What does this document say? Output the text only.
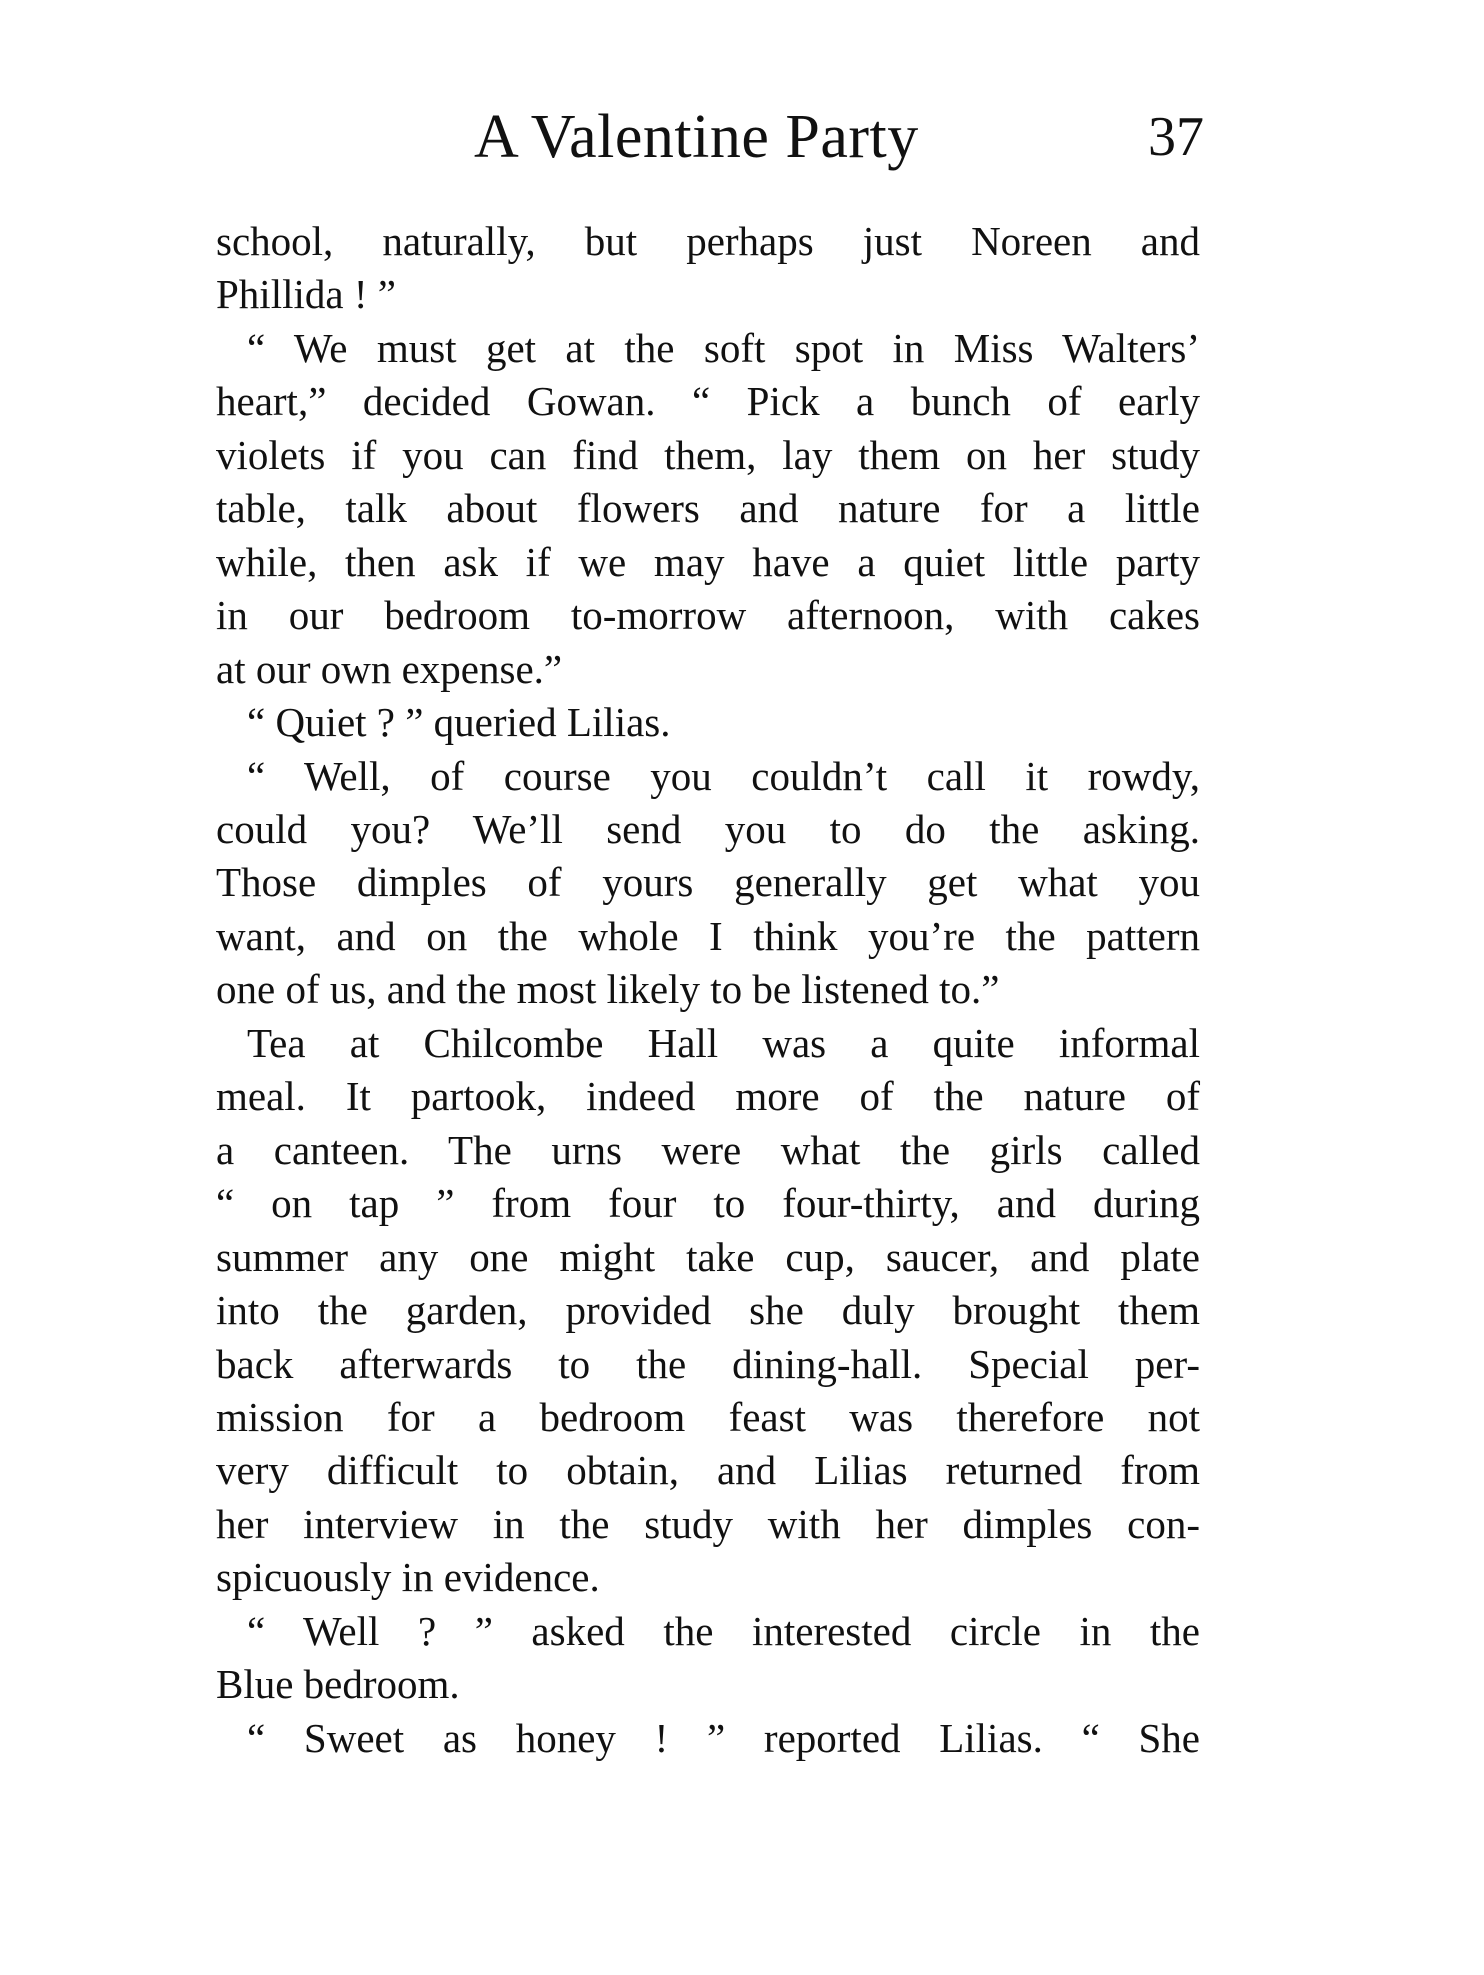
A Valentine Party	37
school, naturally, but perhaps just Noreen and
Phillida ! ”
“ We must get at the soft spot in Miss Walters’
heart,” decided Gowan. “ Pick a bunch of early
violets if you can find them, lay them on her study
table, talk about flowers and nature for a little
while, then ask if we may have a quiet little party
in our bedroom to-morrow afternoon, with cakes
at our own expense.”
“ Quiet ? ” queried Lilias.
“ Well, of course you couldn’t call it rowdy,
could you? We’ll send you to do the asking.
Those dimples of yours generally get what you
want, and on the whole I think you’re the pattern
one of us, and the most likely to be listened to.”
Tea at Chilcombe Hall was a quite informal
meal. It partook, indeed more of the nature of
a canteen. The urns were what the girls called
“ on tap ” from four to four-thirty, and during
summer any one might take cup, saucer, and plate
into the garden, provided she duly brought them
back afterwards to the dining-hall. Special per-
mission for a bedroom feast was therefore not
very difficult to obtain, and Lilias returned from
her interview in the study with her dimples con-
spicuously in evidence.
“ Well ? ” asked the interested circle in the
Blue bedroom.
“ Sweet as honey ! ” reported Lilias. “ She
